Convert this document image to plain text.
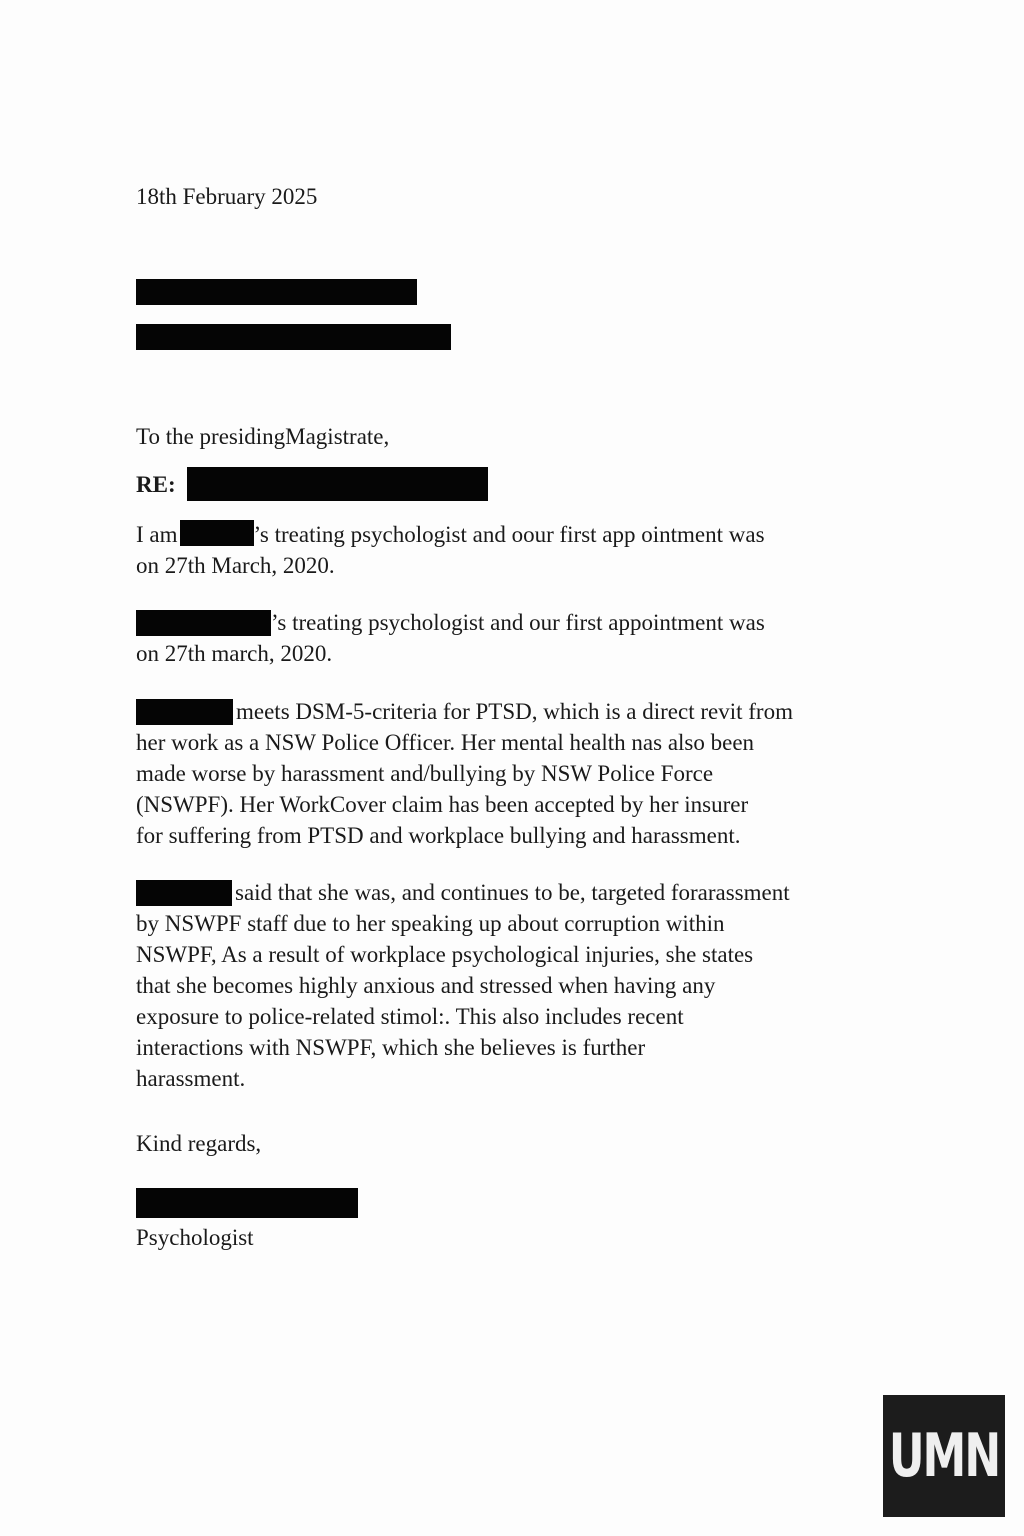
18th February 2025
To the presidingMagistrate,
RE:
I am	’s treating psychologist and oour first app ointment was
on 27th March, 2020.
’s treating psychologist and our first appointment was
on 27th march, 2020.
meets DSM-5-criteria for PTSD, which is a direct revit from
her work as a NSW Police Officer. Her mental health nas also been
made worse by harassment and/bullying by NSW Police Force
(NSWPF). Her WorkCover claim has been accepted by her insurer
for suffering from PTSD and workplace bullying and harassment.
said that she was, and continues to be, targeted forarassment
by NSWPF staff due to her speaking up about corruption within
NSWPF, As a result of workplace psychological injuries, she states
that she becomes highly anxious and stressed when having any
exposure to police-related stimol:. This also includes recent
interactions with NSWPF, which she believes is further
harassment.
Kind regards,
Psychologist
UMN
